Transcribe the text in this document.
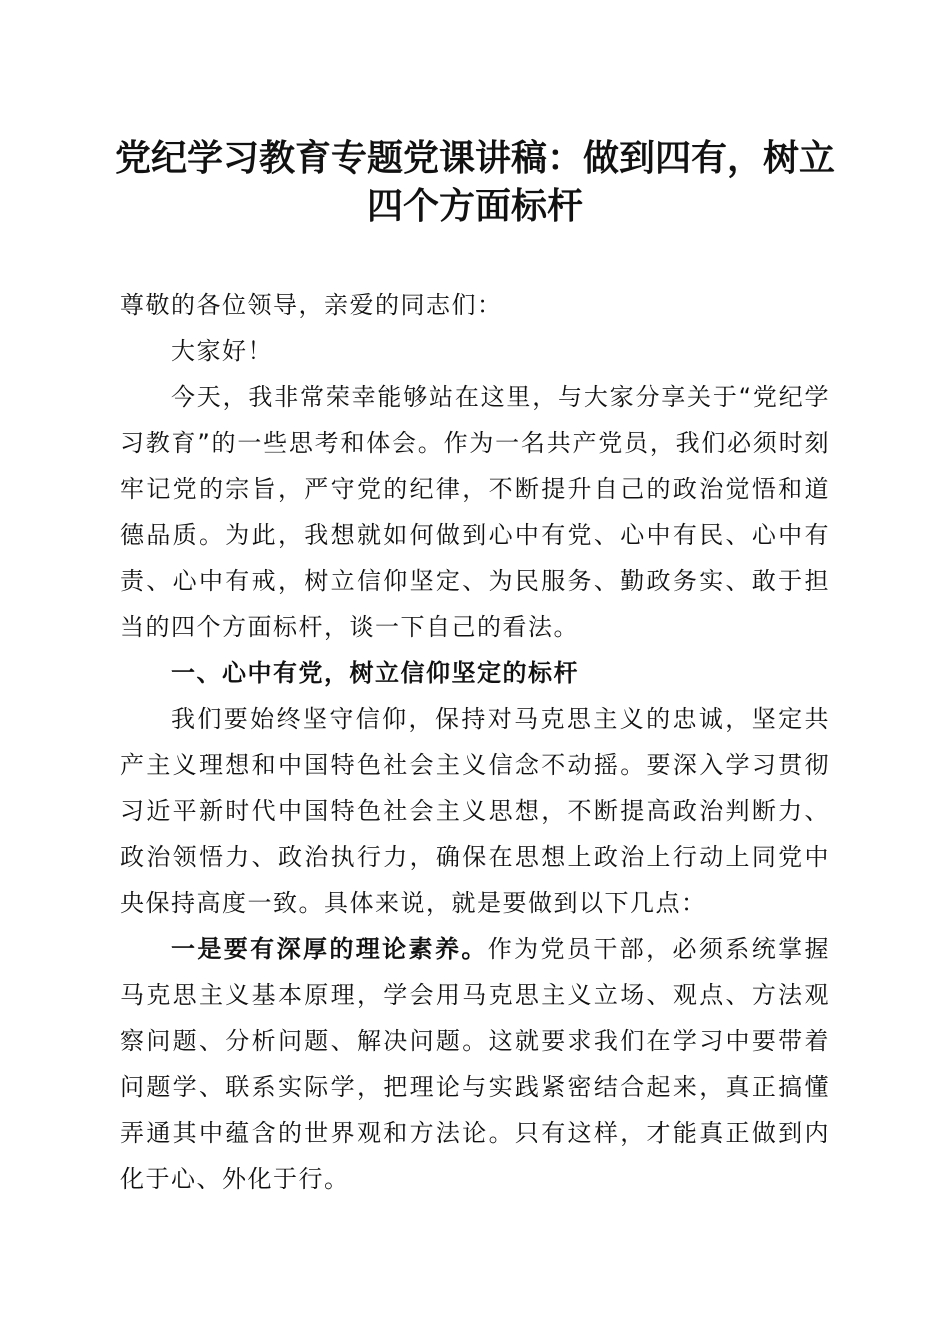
党纪学习教育专题党课讲稿：做到四有，树立
四个方面标杆

尊敬的各位领导，亲爱的同志们：

大家好！

今天，我非常荣幸能够站在这里，与大家分享关于“党纪学习教育”的一些思考和体会。作为一名共产党员，我们必须时刻牢记党的宗旨，严守党的纪律，不断提升自己的政治觉悟和道德品质。为此，我想就如何做到心中有党、心中有民、心中有责、心中有戒，树立信仰坚定、为民服务、勤政务实、敢于担当的四个方面标杆，谈一下自己的看法。

一、心中有党，树立信仰坚定的标杆

我们要始终坚守信仰，保持对马克思主义的忠诚，坚定共产主义理想和中国特色社会主义信念不动摇。要深入学习贯彻习近平新时代中国特色社会主义思想，不断提高政治判断力、政治领悟力、政治执行力，确保在思想上政治上行动上同党中央保持高度一致。具体来说，就是要做到以下几点：

一是要有深厚的理论素养。作为党员干部，必须系统掌握马克思主义基本原理，学会用马克思主义立场、观点、方法观察问题、分析问题、解决问题。这就要求我们在学习中要带着问题学、联系实际学，把理论与实践紧密结合起来，真正搞懂弄通其中蕴含的世界观和方法论。只有这样，才能真正做到内化于心、外化于行。
